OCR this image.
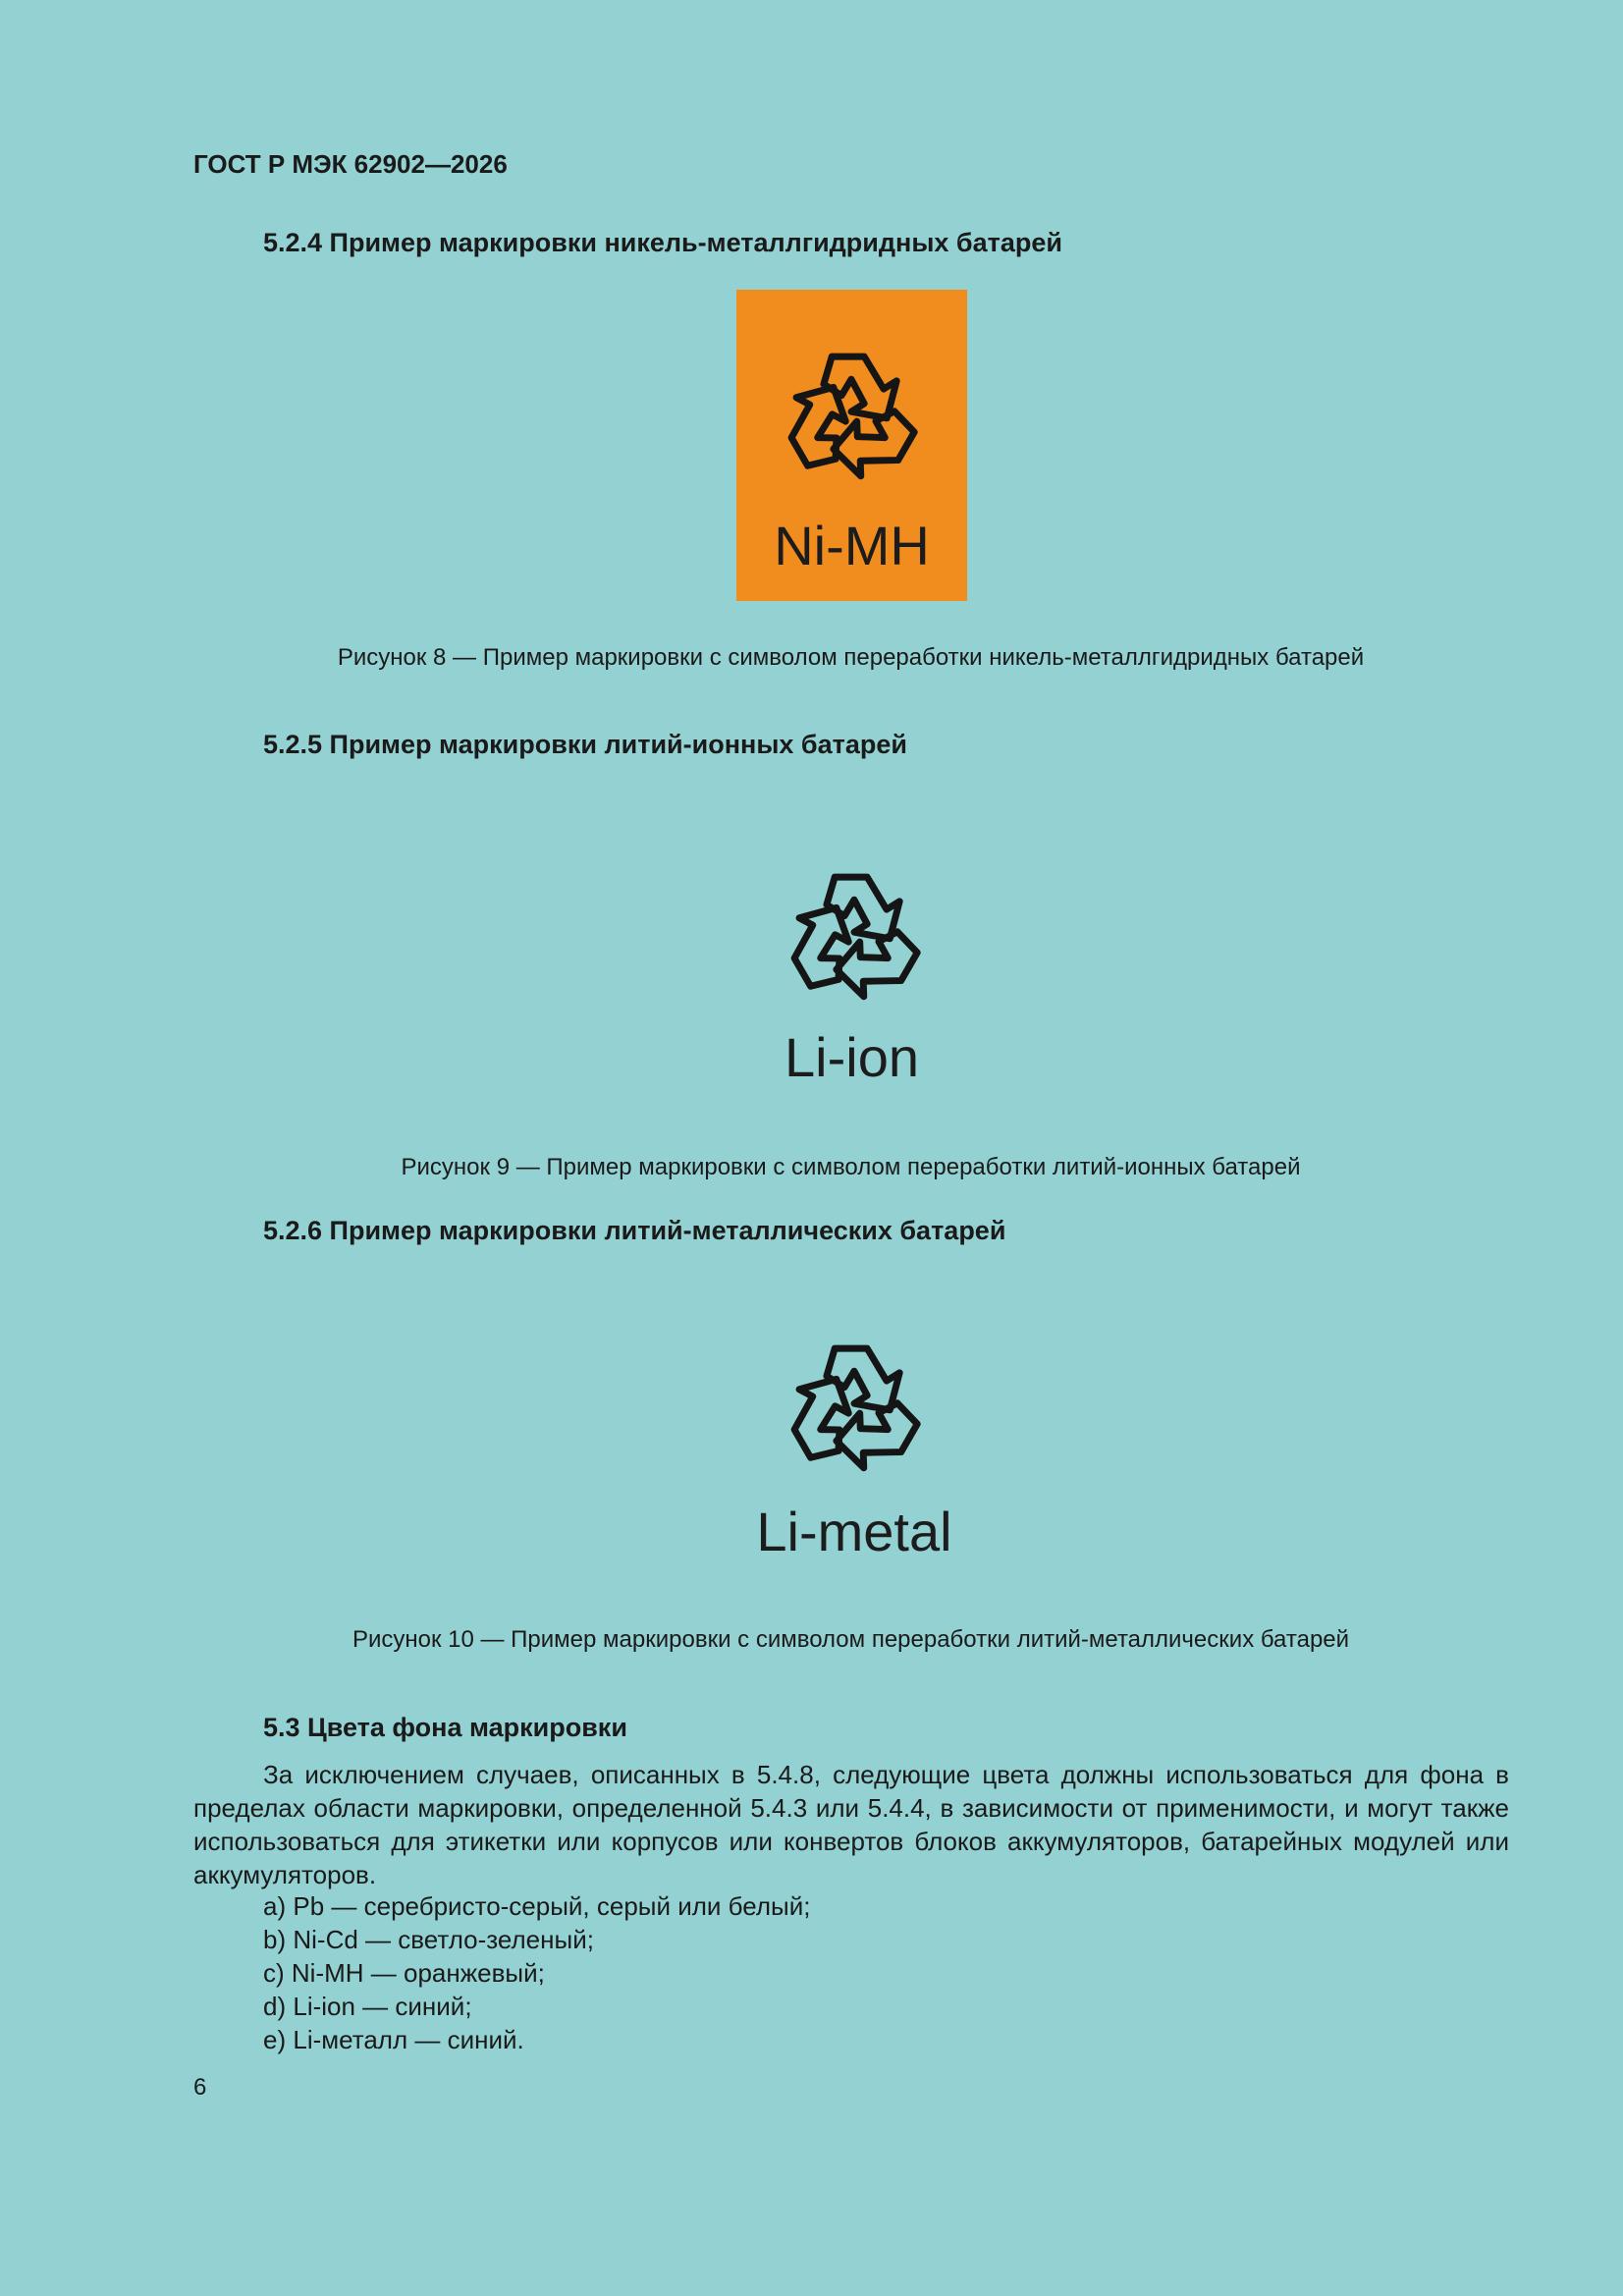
ГОСТ Р МЭК 62902—2026
5.2.4 Пример маркировки никель-металлгидридных батарей
Ni-MH
Рисунок 8 — Пример маркировки с символом переработки никель-металлгидридных батарей
5.2.5 Пример маркировки литий-ионных батарей
Li-ion
Рисунок 9 — Пример маркировки с символом переработки литий-ионных батарей
5.2.6 Пример маркировки литий-металлических батарей
Li-metal
Рисунок 10 — Пример маркировки с символом переработки литий-металлических батарей
5.3 Цвета фона маркировки
За исключением случаев, описанных в 5.4.8, следующие цвета должны использоваться для фона в пределах области маркировки, определенной 5.4.3 или 5.4.4, в зависимости от применимости, и могут также использоваться для этикетки или корпусов или конвертов блоков аккумуляторов, батарейных модулей или аккумуляторов.
a) Pb — серебристо-серый, серый или белый;
b) Ni-Cd — светло-зеленый;
c) Ni-MH — оранжевый;
d) Li-ion — синий;
e) Li-металл — синий.
6
